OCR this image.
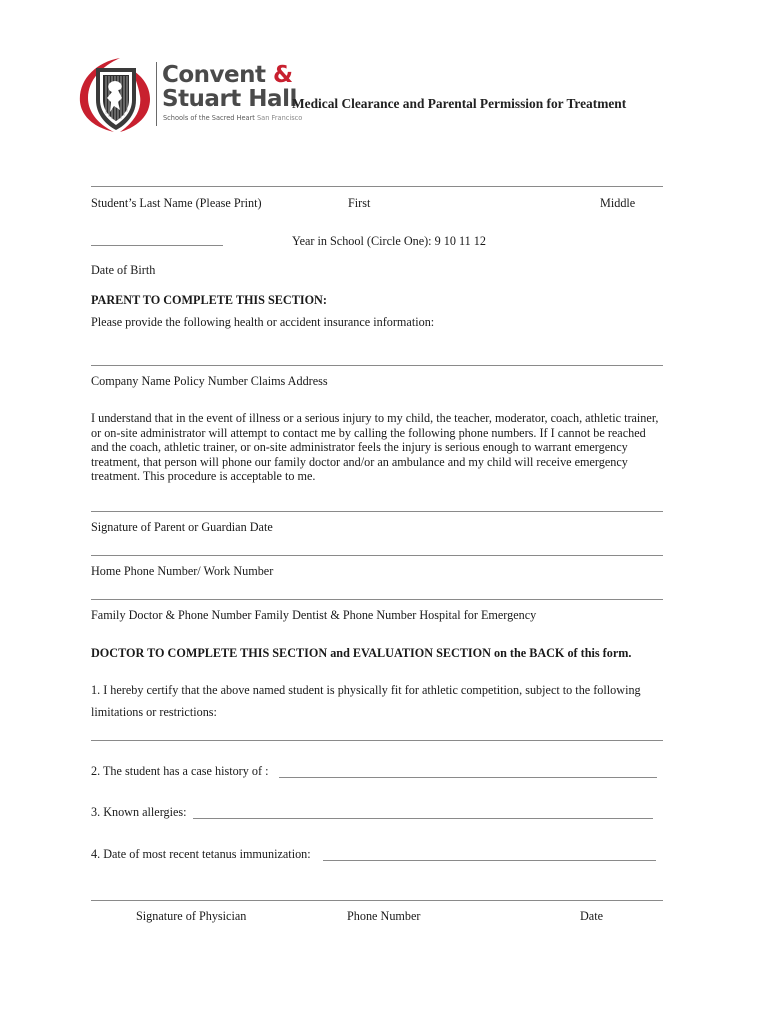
Convent &
Stuart Hall
Schools of the Sacred Heart San Francisco
Medical Clearance and Parental Permission for Treatment
Student’s Last Name (Please Print)	First	Middle
Year in School (Circle One): 9 10 11 12
Date of Birth
PARENT TO COMPLETE THIS SECTION:
Please provide the following health or accident insurance information:
Company Name Policy Number Claims Address
I understand that in the event of illness or a serious injury to my child, the teacher, moderator, coach, athletic trainer,
or on-site administrator will attempt to contact me by calling the following phone numbers. If I cannot be reached
and the coach, athletic trainer, or on-site administrator feels the injury is serious enough to warrant emergency
treatment, that person will phone our family doctor and/or an ambulance and my child will receive emergency
treatment. This procedure is acceptable to me.
Signature of Parent or Guardian Date
Home Phone Number/ Work Number
Family Doctor & Phone Number Family Dentist & Phone Number Hospital for Emergency
DOCTOR TO COMPLETE THIS SECTION and EVALUATION SECTION on the BACK of this form.
1. I hereby certify that the above named student is physically fit for athletic competition, subject to the following
limitations or restrictions:
2. The student has a case history of :
3. Known allergies:
4. Date of most recent tetanus immunization:
Signature of Physician	Phone Number	Date
